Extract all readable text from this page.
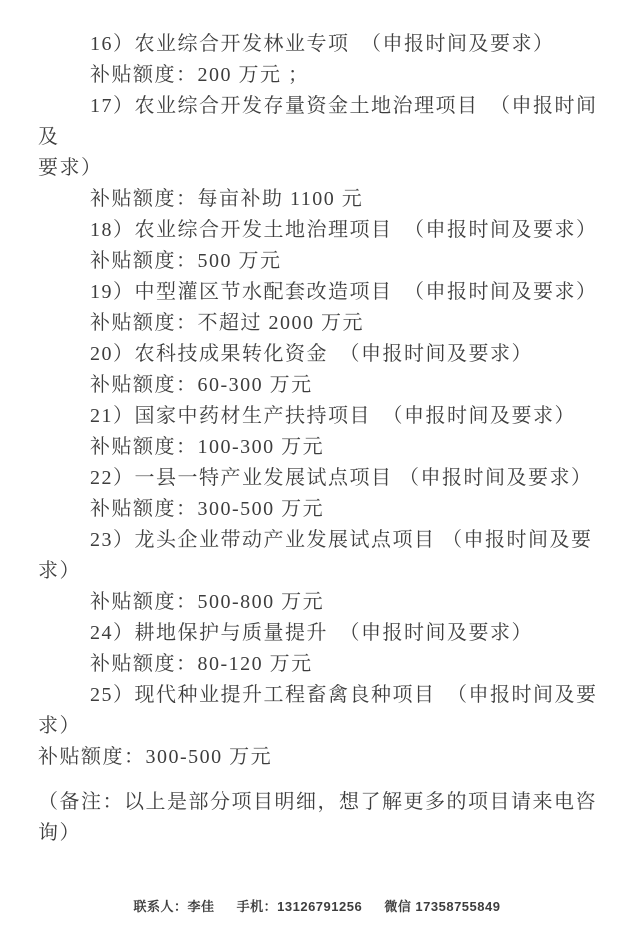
16）农业综合开发林业专项　（申报时间及要求）

补贴额度：200 万元 ；

17）农业综合开发存量资金土地治理项目　（申报时间及

要求）

补贴额度：每亩补助 1100 元

18）农业综合开发土地治理项目　（申报时间及要求）

补贴额度：500 万元

19）中型灌区节水配套改造项目　（申报时间及要求）

补贴额度：不超过 2000 万元

20）农科技成果转化资金　（申报时间及要求）

补贴额度：60-300 万元

21）国家中药材生产扶持项目　（申报时间及要求）

补贴额度：100-300 万元

22）一县一特产业发展试点项目 （申报时间及要求）

补贴额度：300-500 万元

23）龙头企业带动产业发展试点项目 （申报时间及要求）

补贴额度：500-800 万元

24）耕地保护与质量提升　（申报时间及要求）

补贴额度：80-120 万元

25）现代种业提升工程畜禽良种项目　（申报时间及要求）

补贴额度：300-500 万元

（备注：以上是部分项目明细，想了解更多的项目请来电咨询）

联系人：李佳 手机：13126791256 微信 17358755849
